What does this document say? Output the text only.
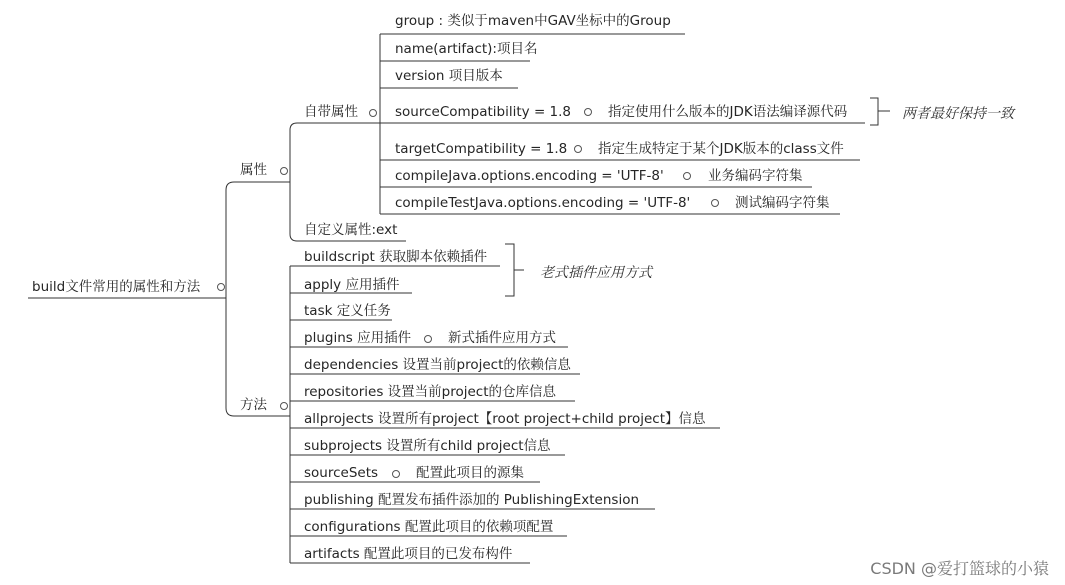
build文件常用的属性和方法
属性
自带属性
group : 类似于maven中GAV坐标中的Group
name(artifact):项目名
version 项目版本
sourceCompatibility = 1.8	指定使用什么版本的JDK语法编译源代码
targetCompatibility = 1.8 指定生成特定于某个JDK版本的class文件
compileJava.options.encoding = 'UTF-8'	业务编码字符集
compileTestJava.options.encoding = 'UTF-8'	测试编码字符集
两者最好保持一致
自定义属性:ext
方法
buildscript 获取脚本依赖插件
apply 应用插件
task 定义任务
plugins 应用插件	新式插件应用方式
dependencies 设置当前project的依赖信息
repositories 设置当前project的仓库信息
allprojects 设置所有project【root project+child project】信息
subprojects 设置所有child project信息
sourceSets	配置此项目的源集
publishing 配置发布插件添加的 PublishingExtension
configurations 配置此项目的依赖项配置
artifacts 配置此项目的已发布构件
老式插件应用方式
CSDN @爱打篮球的小猿
